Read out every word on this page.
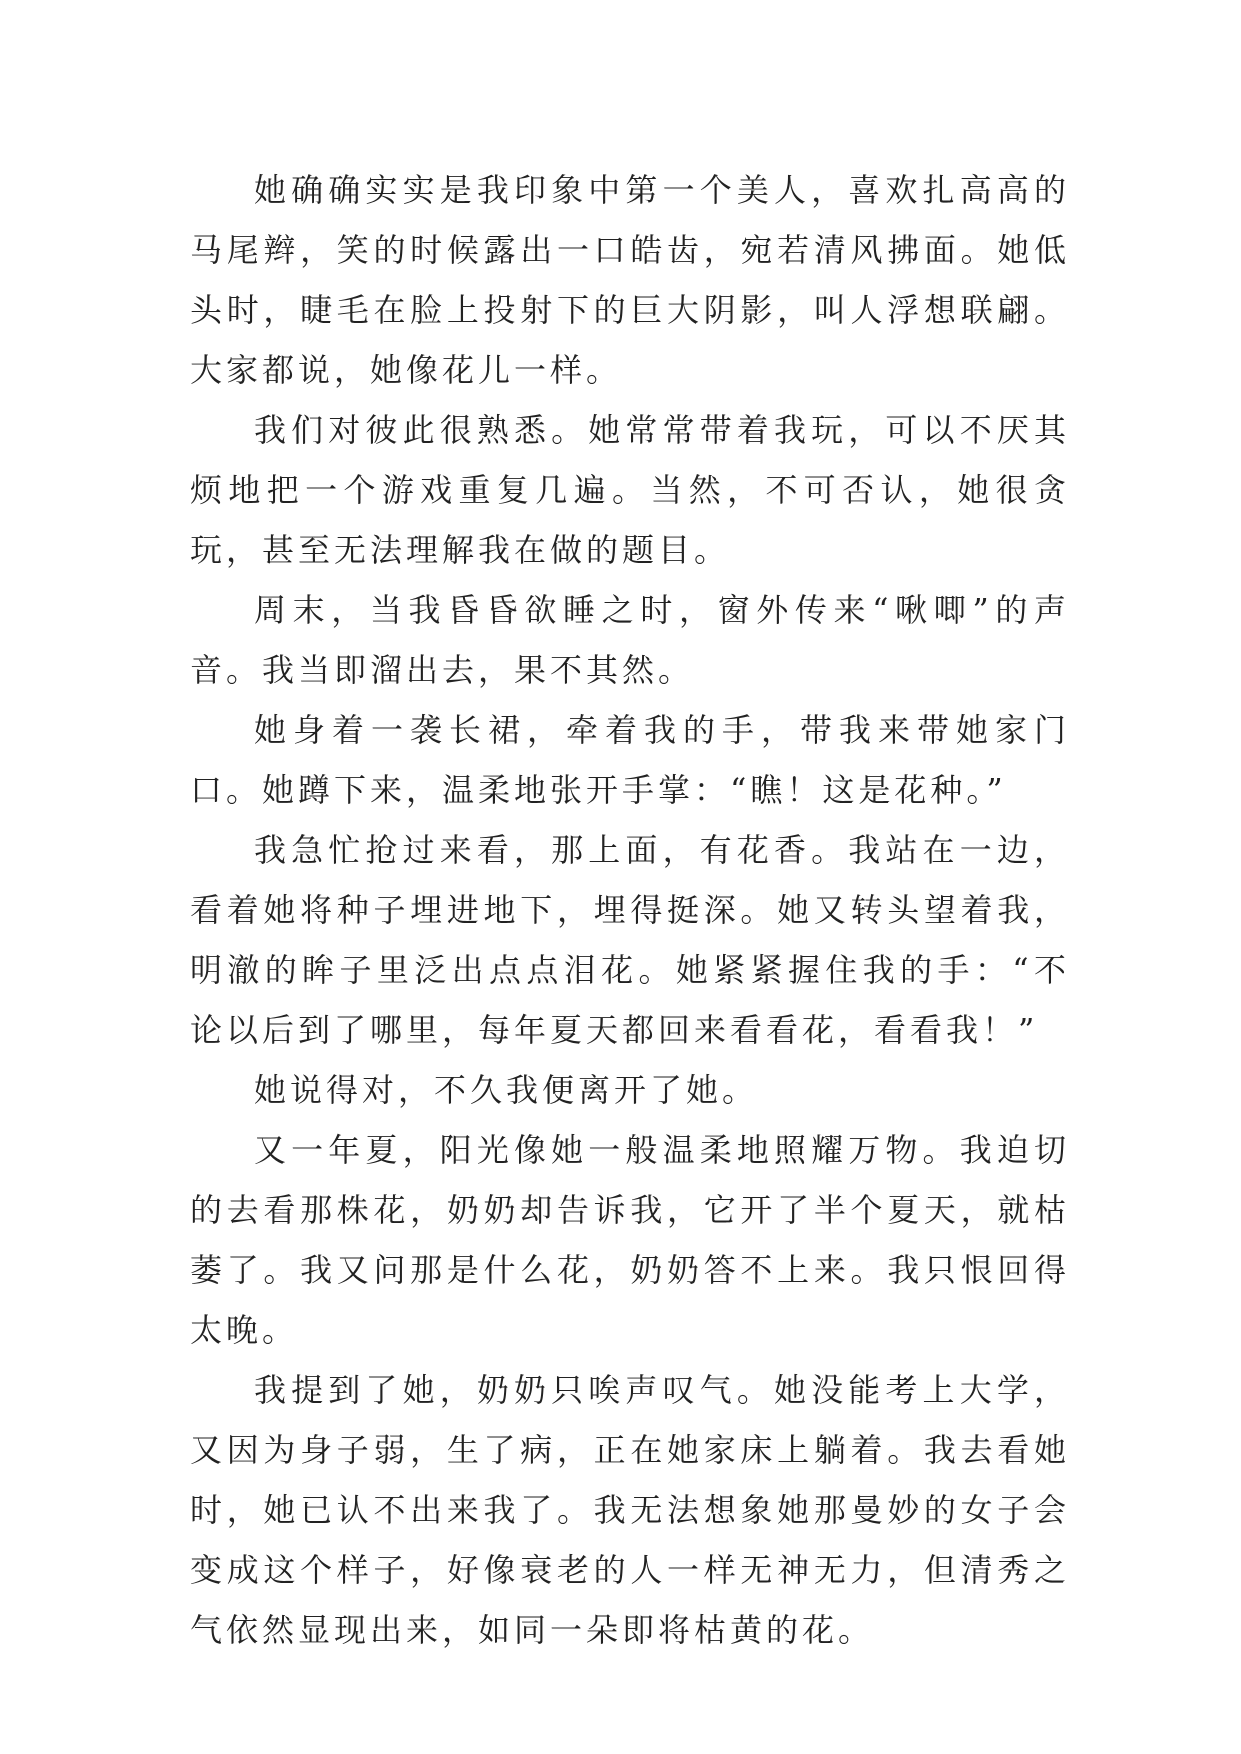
她确确实实是我印象中第一个美人，喜欢扎高高的马尾辫，笑的时候露出一口皓齿，宛若清风拂面。她低头时，睫毛在脸上投射下的巨大阴影，叫人浮想联翩。大家都说，她像花儿一样。

我们对彼此很熟悉。她常常带着我玩，可以不厌其烦地把一个游戏重复几遍。当然，不可否认，她很贪玩，甚至无法理解我在做的题目。

周末，当我昏昏欲睡之时，窗外传来“啾唧”的声音。我当即溜出去，果不其然。

她身着一袭长裙，牵着我的手，带我来带她家门口。她蹲下来，温柔地张开手掌：“瞧！这是花种。”

我急忙抢过来看，那上面，有花香。我站在一边，看着她将种子埋进地下，埋得挺深。她又转头望着我，明澈的眸子里泛出点点泪花。她紧紧握住我的手：“不论以后到了哪里，每年夏天都回来看看花，看看我！”

她说得对，不久我便离开了她。

又一年夏，阳光像她一般温柔地照耀万物。我迫切的去看那株花，奶奶却告诉我，它开了半个夏天，就枯萎了。我又问那是什么花，奶奶答不上来。我只恨回得太晚。

我提到了她，奶奶只唉声叹气。她没能考上大学，又因为身子弱，生了病，正在她家床上躺着。我去看她时，她已认不出来我了。我无法想象她那曼妙的女子会变成这个样子，好像衰老的人一样无神无力，但清秀之气依然显现出来，如同一朵即将枯黄的花。
